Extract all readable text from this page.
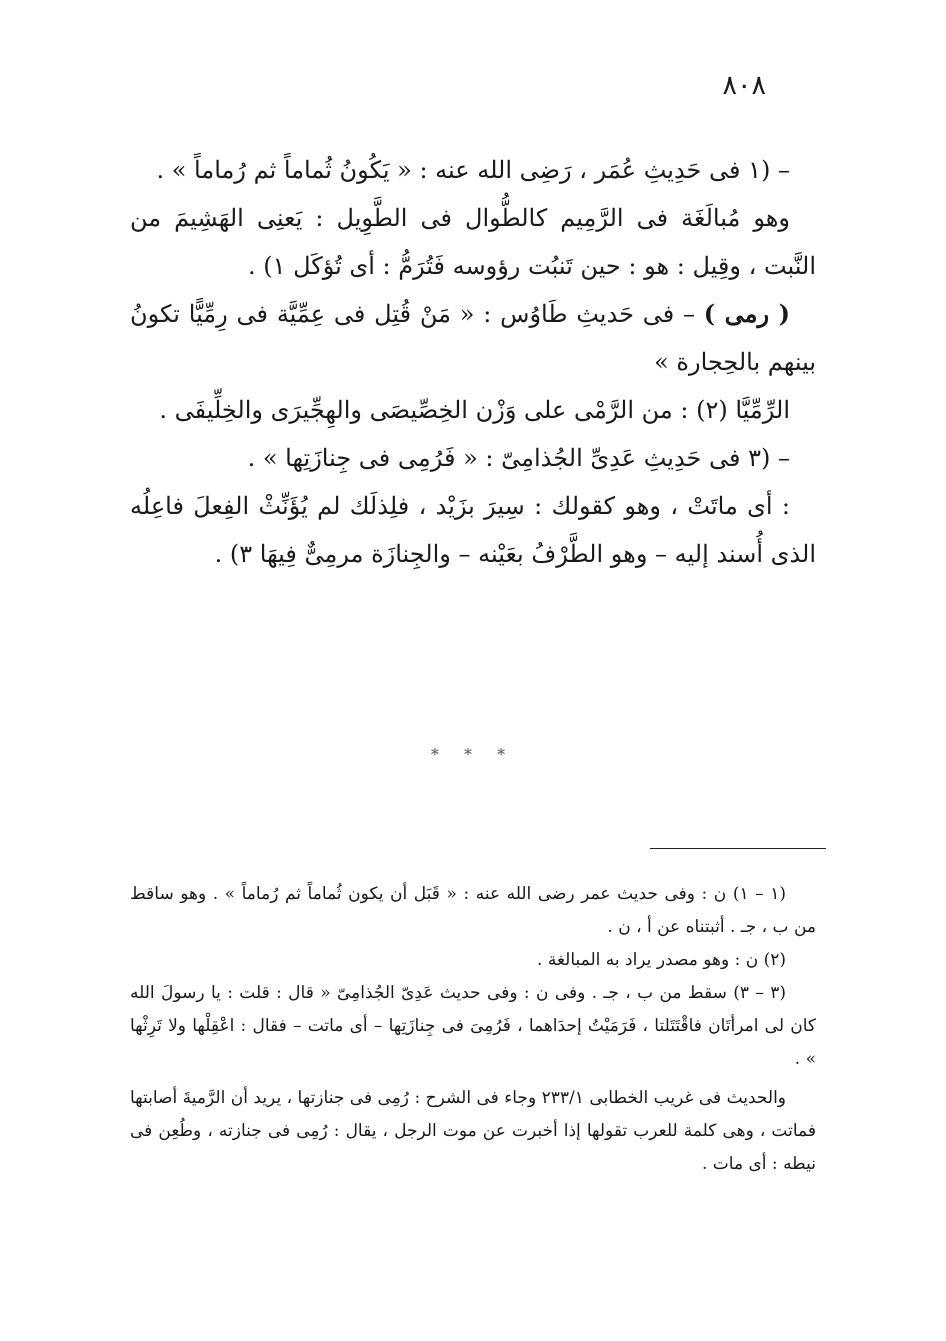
٨٠٨

– (١ فى حَدِيثِ عُمَر ، رَضِى الله عنه : « يَكُونُ ثُماماً ثم رُماماً » .

وهو مُبالَغَة فى الرَّمِيم كالطُّوال فى الطَّوِيل : يَعنِى الهَشِيمَ من النَّبت ، وقِيل : هو : حين تَنبُت رؤوسه فَتُرَمُّ : أى تُؤكَل ١) .

( رمى ) – فى حَديثِ طَاوُس : « مَنْ قُتِل فى عِمِّيَّة فى رِمِّيًّا تكونُ بينهم بالحِجارة »

الرِّمِّيَّا (٢) : من الرَّمْى على وَزْن الخِصِّيصَى والهِجِّيرَى والخِلِّيفَى .

– (٣ فى حَدِيثِ عَدِىِّ الجُذامِىّ : « فَرُمِى فى جِنازَتِها » .

: أى ماتَتْ ، وهو كقولك : سِيرَ بزَيْد ، فلِذلَك لم يُؤَنِّثْ الفِعلَ فاعِلُه الذى أُسند إليه – وهو الطَّرْفُ بعَيْنه – والجِنازَة مرمِىٌّ فِيهَا ٣) .

* * *

(١ – ١) ن : وفى حديث عمر رضى الله عنه : « قَبَل أن يكون ثُماماً ثم رُماماً » . وهو ساقط من ب ، جـ . أثبتناه عن أ ، ن .

(٢) ن : وهو مصدر يراد به المبالغة .

(٣ – ٣) سقط من ب ، جـ . وفى ن : وفى حديث عَدِىّ الجُذامِىّ « قال : قلت : يا رسولَ الله كان لى امرأتَان فاقْتَتَلتا ، فَرَمَيْتُ إحدَاهما ، فَرُمِىَ فى جِنازَتِها – أى ماتت – فقال : اعْقِلْها ولا تَرِثْها » .

والحديث فى غريب الخطابى ٢٣٣/١ وجاء فى الشرح : رُمِى فى جنازتها ، يريد أن الرَّميةَ أصابتها فماتت ، وهى كلمة للعرب تقولها إذا أخبرت عن موت الرجل ، يقال : رُمِى فى جنازته ، وطُعِن فى نيطه : أى مات .
